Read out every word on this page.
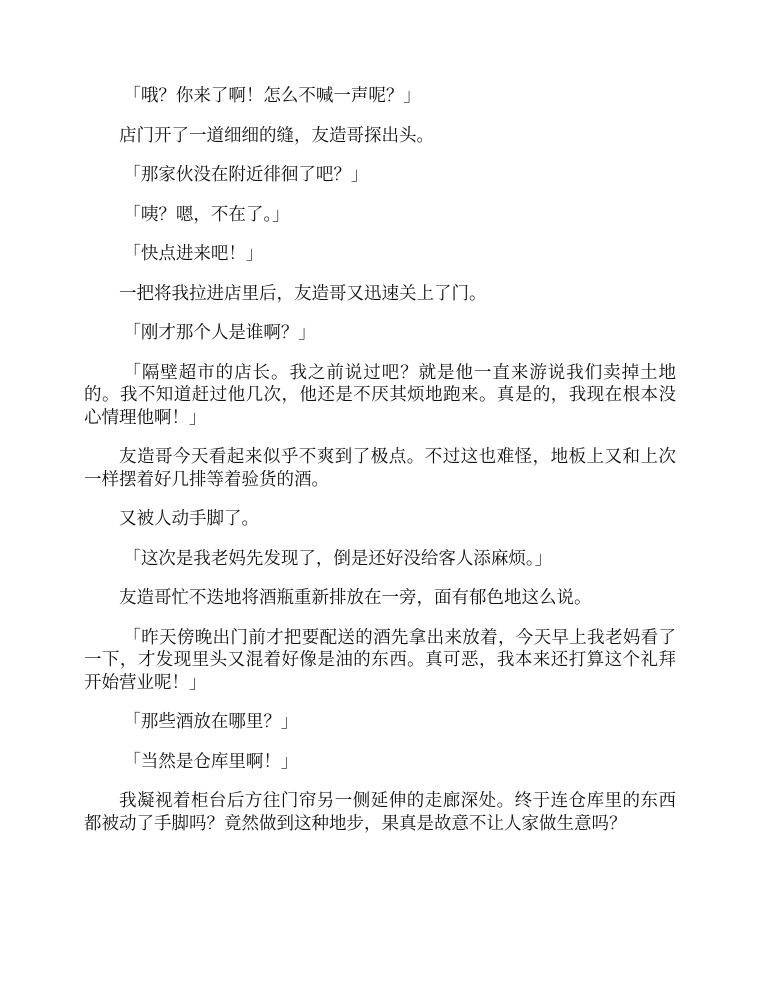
「哦？你来了啊！怎么不喊一声呢？」

店门开了一道细细的缝，友造哥探出头。

「那家伙没在附近徘徊了吧？」

「咦？嗯，不在了。」

「快点进来吧！」

一把将我拉进店里后，友造哥又迅速关上了门。

「刚才那个人是谁啊？」

「隔壁超市的店长。我之前说过吧？就是他一直来游说我们卖掉土地的。我不知道赶过他几次，他还是不厌其烦地跑来。真是的，我现在根本没心情理他啊！」

友造哥今天看起来似乎不爽到了极点。不过这也难怪，地板上又和上次一样摆着好几排等着验货的酒。

又被人动手脚了。

「这次是我老妈先发现了，倒是还好没给客人添麻烦。」

友造哥忙不迭地将酒瓶重新排放在一旁，面有郁色地这么说。

「昨天傍晚出门前才把要配送的酒先拿出来放着，今天早上我老妈看了一下，才发现里头又混着好像是油的东西。真可恶，我本来还打算这个礼拜开始营业呢！」

「那些酒放在哪里？」

「当然是仓库里啊！」

我凝视着柜台后方往门帘另一侧延伸的走廊深处。终于连仓库里的东西都被动了手脚吗？竟然做到这种地步，果真是故意不让人家做生意吗？
